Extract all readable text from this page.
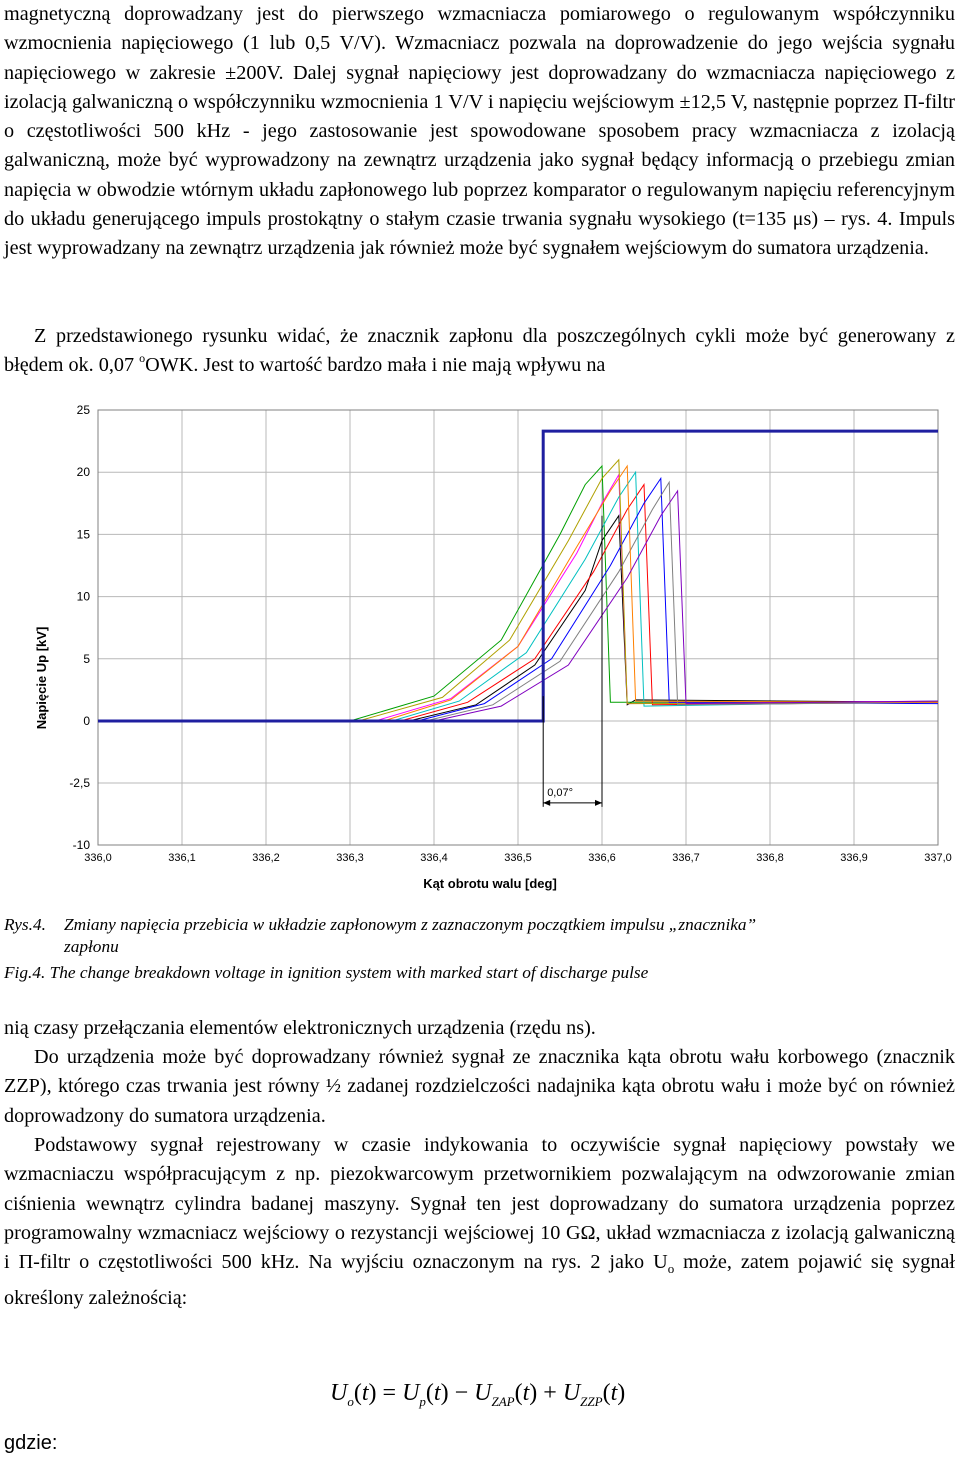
magnetyczną doprowadzany jest do pierwszego wzmacniacza pomiarowego o regulowanym współczynniku wzmocnienia napięciowego (1 lub 0,5 V/V). Wzmacniacz pozwala na doprowadzenie do jego wejścia sygnału napięciowego w zakresie ±200V. Dalej sygnał napięciowy jest doprowadzany do wzmacniacza napięciowego z izolacją galwaniczną o współczynniku wzmocnienia 1 V/V i napięciu wejściowym ±12,5 V, następnie poprzez Π-filtr o częstotliwości 500 kHz - jego zastosowanie jest spowodowane sposobem pracy wzmacniacza z izolacją galwaniczną, może być wyprowadzony na zewnątrz urządzenia jako sygnał będący informacją o przebiegu zmian napięcia w obwodzie wtórnym układu zapłonowego lub poprzez komparator o regulowanym napięciu referencyjnym do układu generującego impuls prostokątny o stałym czasie trwania sygnału wysokiego (t=135 μs) – rys. 4. Impuls jest wyprowadzany na zewnątrz urządzenia jak również może być sygnałem wejściowym do sumatora urządzenia.

Z przedstawionego rysunku widać, że znacznik zapłonu dla poszczególnych cykli może być generowany z błędem ok. 0,07 $^o$OWK. Jest to wartość bardzo mała i nie mają wpływu na

25
20
15
10
5
0
-2,5
-10
336,0	336,1	336,2	336,3	336,4	336,5	336,6	336,7	336,8	336,9	337,0
0,07°
Napięcie Up [kV]
Kąt obrotu walu [deg]

Rys.4. Zmiany napięcia przebicia w układzie zapłonowym z zaznaczonym początkiem impulsu „znacznika”
zapłonu

Fig.4. The change breakdown voltage in ignition system with marked start of discharge pulse

nią czasy przełączania elementów elektronicznych urządzenia (rzędu ns).

Do urządzenia może być doprowadzany również sygnał ze znacznika kąta obrotu wału korbowego (znacznik ZZP), którego czas trwania jest równy ½ zadanej rozdzielczości nadajnika kąta obrotu wału i może być on również doprowadzony do sumatora urządzenia.

Podstawowy sygnał rejestrowany w czasie indykowania to oczywiście sygnał napięciowy powstały we wzmacniaczu współpracującym z np. piezokwarcowym przetwornikiem pozwalającym na odwzorowanie zmian ciśnienia wewnątrz cylindra badanej maszyny. Sygnał ten jest doprowadzany do sumatora urządzenia poprzez programowalny wzmacniacz wejściowy o rezystancji wejściowej 10 GΩ, układ wzmacniacza z izolacją galwaniczną i Π-filtr o częstotliwości 500 kHz. Na wyjściu oznaczonym na rys. 2 jako $U_o$ może, zatem pojawić się sygnał określony zależnością:

$U_o(t) = U_p(t) - U_{ZAP}(t) + U_{ZZP}(t)$
gdzie:
